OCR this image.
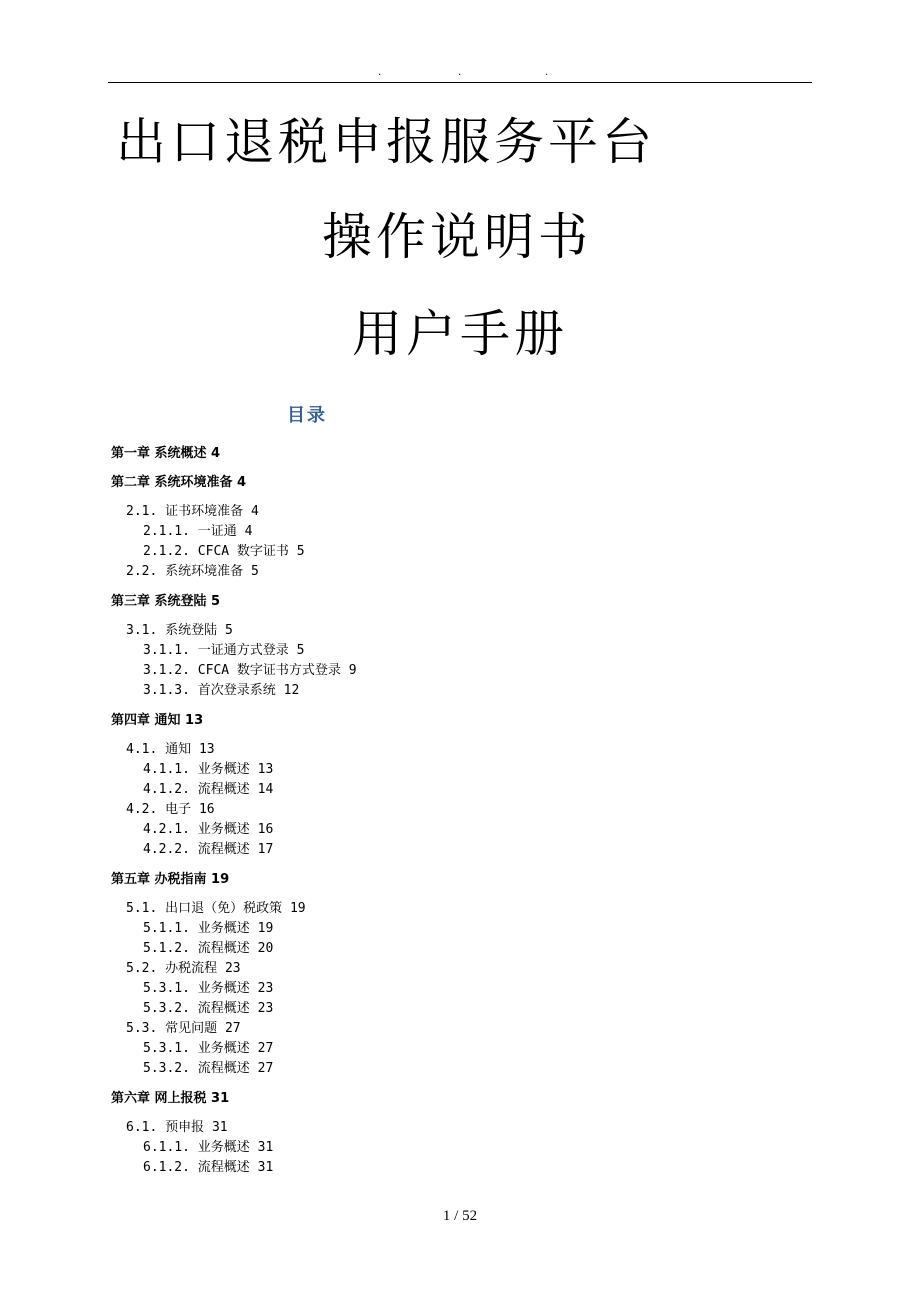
.	.	.
出口退税申报服务平台
操作说明书
用户手册
目录
第一章 系统概述 4
第二章 系统环境准备 4
2.1. 证书环境准备 4
2.1.1. 一证通 4
2.1.2. CFCA 数字证书 5
2.2. 系统环境准备 5
第三章 系统登陆 5
3.1. 系统登陆 5
3.1.1. 一证通方式登录 5
3.1.2. CFCA 数字证书方式登录 9
3.1.3. 首次登录系统 12
第四章 通知 13
4.1. 通知 13
4.1.1. 业务概述 13
4.1.2. 流程概述 14
4.2. 电子 16
4.2.1. 业务概述 16
4.2.2. 流程概述 17
第五章 办税指南 19
5.1. 出口退（免）税政策 19
5.1.1. 业务概述 19
5.1.2. 流程概述 20
5.2. 办税流程 23
5.3.1. 业务概述 23
5.3.2. 流程概述 23
5.3. 常见问题 27
5.3.1. 业务概述 27
5.3.2. 流程概述 27
第六章 网上报税 31
6.1. 预申报 31
6.1.1. 业务概述 31
6.1.2. 流程概述 31
1 / 52
